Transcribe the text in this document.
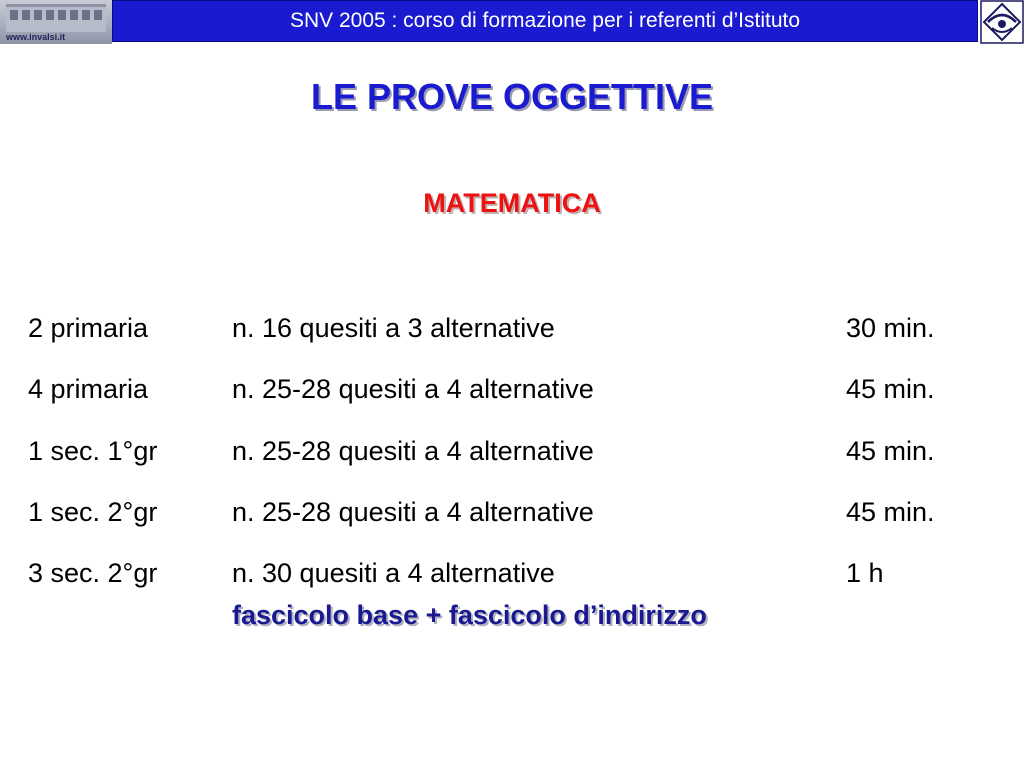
www.invalsi.it
SNV 2005 : corso di formazione per i referenti d’Istituto
LE PROVE OGGETTIVE
MATEMATICA
2 primaria	n. 16 quesiti a 3 alternative	30 min.
4 primaria	n. 25-28 quesiti a 4 alternative	45 min.
1 sec. 1°gr	n. 25-28 quesiti a 4 alternative	45 min.
1 sec. 2°gr	n. 25-28 quesiti a 4 alternative	45 min.
3 sec. 2°gr	n. 30 quesiti a 4 alternative	1 h
fascicolo base + fascicolo d’indirizzo
